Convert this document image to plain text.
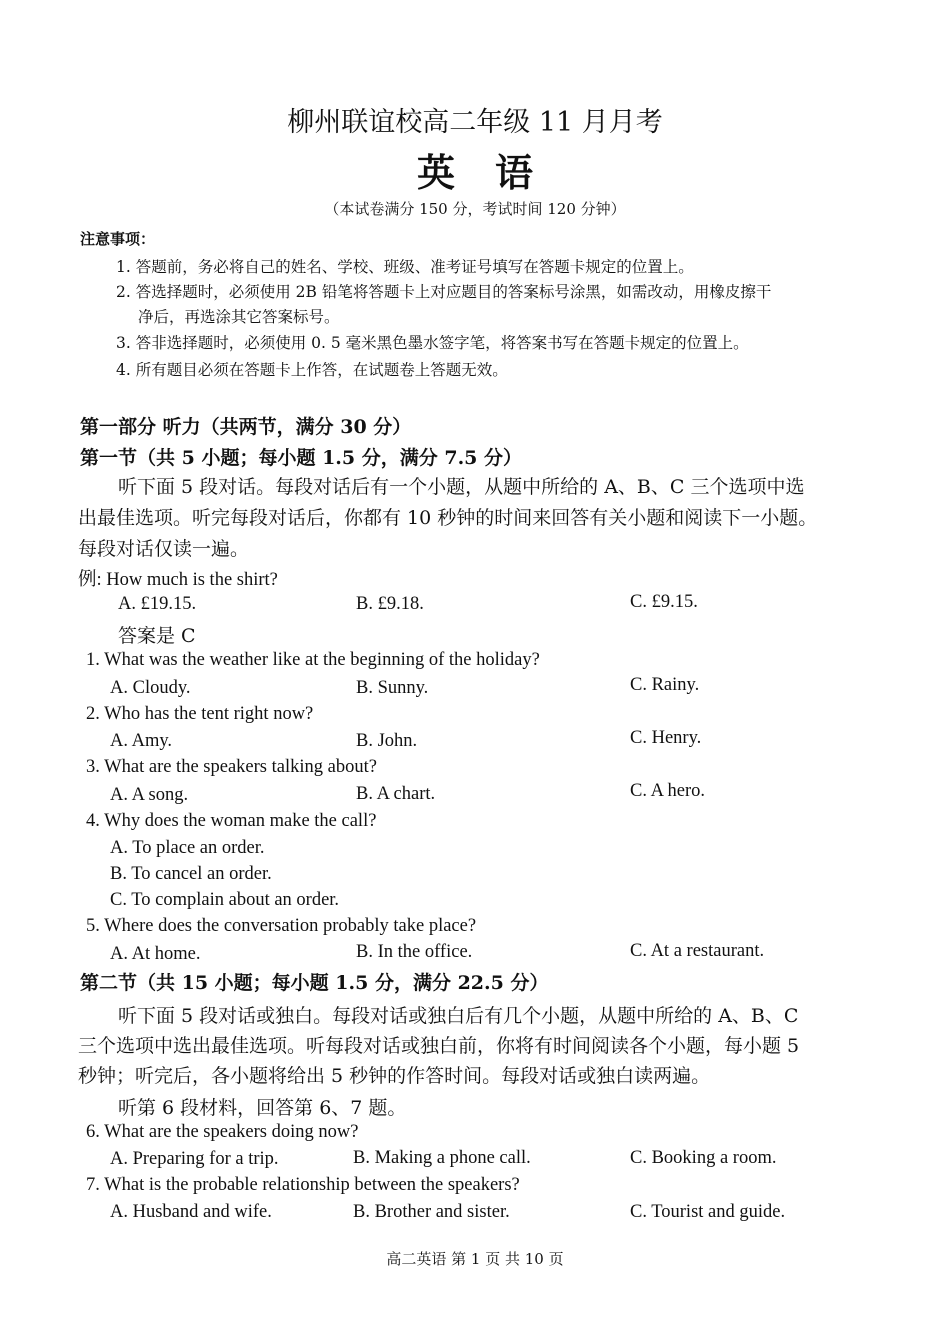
柳州联谊校高二年级 11 月月考
英语
（本试卷满分 150 分，考试时间 120 分钟）
注意事项：
1. 答题前，务必将自己的姓名、学校、班级、准考证号填写在答题卡规定的位置上。
2. 答选择题时，必须使用 2B 铅笔将答题卡上对应题目的答案标号涂黑，如需改动，用橡皮擦干
净后，再选涂其它答案标号。
3. 答非选择题时，必须使用 0. 5 毫米黑色墨水签字笔，将答案书写在答题卡规定的位置上。
4. 所有题目必须在答题卡上作答，在试题卷上答题无效。
第一部分 听力（共两节，满分 30 分）
第一节（共 5 小题；每小题 1.5 分，满分 7.5 分）
听下面 5 段对话。每段对话后有一个小题，从题中所给的 A、B、C 三个选项中选
出最佳选项。听完每段对话后，你都有 10 秒钟的时间来回答有关小题和阅读下一小题。
每段对话仅读一遍。
例: How much is the shirt?
A. £19.15.	B. £9.18.	C. £9.15.
答案是 C
1. What was the weather like at the beginning of the holiday?
A. Cloudy.	B. Sunny.	C. Rainy.
2. Who has the tent right now?
A. Amy.	B. John.	C. Henry.
3. What are the speakers talking about?
A. A song.	B. A chart.	C. A hero.
4. Why does the woman make the call?
A. To place an order.
B. To cancel an order.
C. To complain about an order.
5. Where does the conversation probably take place?
A. At home.	B. In the office.	C. At a restaurant.
第二节（共 15 小题；每小题 1.5 分，满分 22.5 分）
听下面 5 段对话或独白。每段对话或独白后有几个小题，从题中所给的 A、B、C
三个选项中选出最佳选项。听每段对话或独白前，你将有时间阅读各个小题，每小题 5
秒钟；听完后，各小题将给出 5 秒钟的作答时间。每段对话或独白读两遍。
听第 6 段材料，回答第 6、7 题。
6. What are the speakers doing now?
A. Preparing for a trip.	B. Making a phone call.	C. Booking a room.
7. What is the probable relationship between the speakers?
A. Husband and wife.	B. Brother and sister.	C. Tourist and guide.
高二英语 第 1 页 共 10 页
